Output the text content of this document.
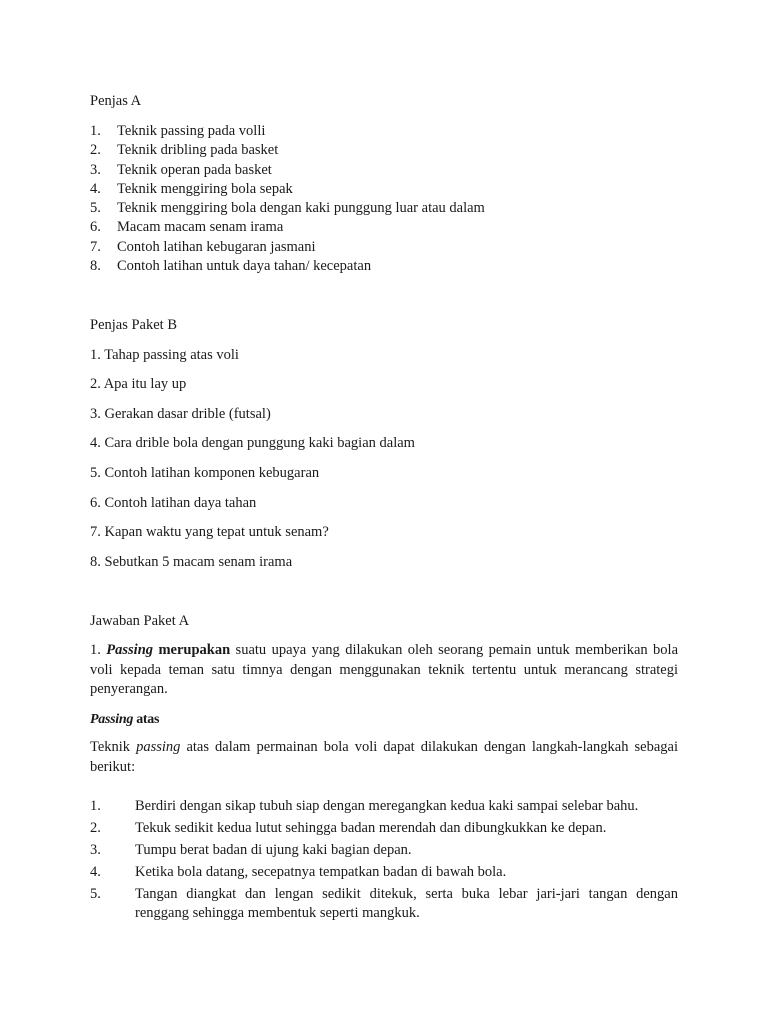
Penjas A
1. Teknik passing pada volli
2. Teknik dribling pada basket
3. Teknik operan pada basket
4. Teknik menggiring bola sepak
5. Teknik menggiring bola dengan kaki punggung luar atau dalam
6. Macam macam senam irama
7. Contoh latihan kebugaran jasmani
8. Contoh latihan untuk daya tahan/ kecepatan
Penjas Paket B

1. Tahap passing atas voli

2. Apa itu lay up

3. Gerakan dasar drible (futsal)

4. Cara drible bola dengan punggung kaki bagian dalam

5. Contoh latihan komponen kebugaran

6. Contoh latihan daya tahan

7. Kapan waktu yang tepat untuk senam?

8. Sebutkan 5 macam senam irama

Jawaban Paket A

1. Passing merupakan suatu upaya yang dilakukan oleh seorang pemain untuk memberikan bola voli kepada teman satu timnya dengan menggunakan teknik tertentu untuk merancang strategi penyerangan.

Passing atas

Teknik passing atas dalam permainan bola voli dapat dilakukan dengan langkah-langkah sebagai berikut:

1.	Berdiri dengan sikap tubuh siap dengan meregangkan kedua kaki sampai selebar bahu.
2.	Tekuk sedikit kedua lutut sehingga badan merendah dan dibungkukkan ke depan.
3.	Tumpu berat badan di ujung kaki bagian depan.
4.	Ketika bola datang, secepatnya tempatkan badan di bawah bola.
5.	Tangan diangkat dan lengan sedikit ditekuk, serta buka lebar jari-jari tangan dengan renggang sehingga membentuk seperti mangkuk.
